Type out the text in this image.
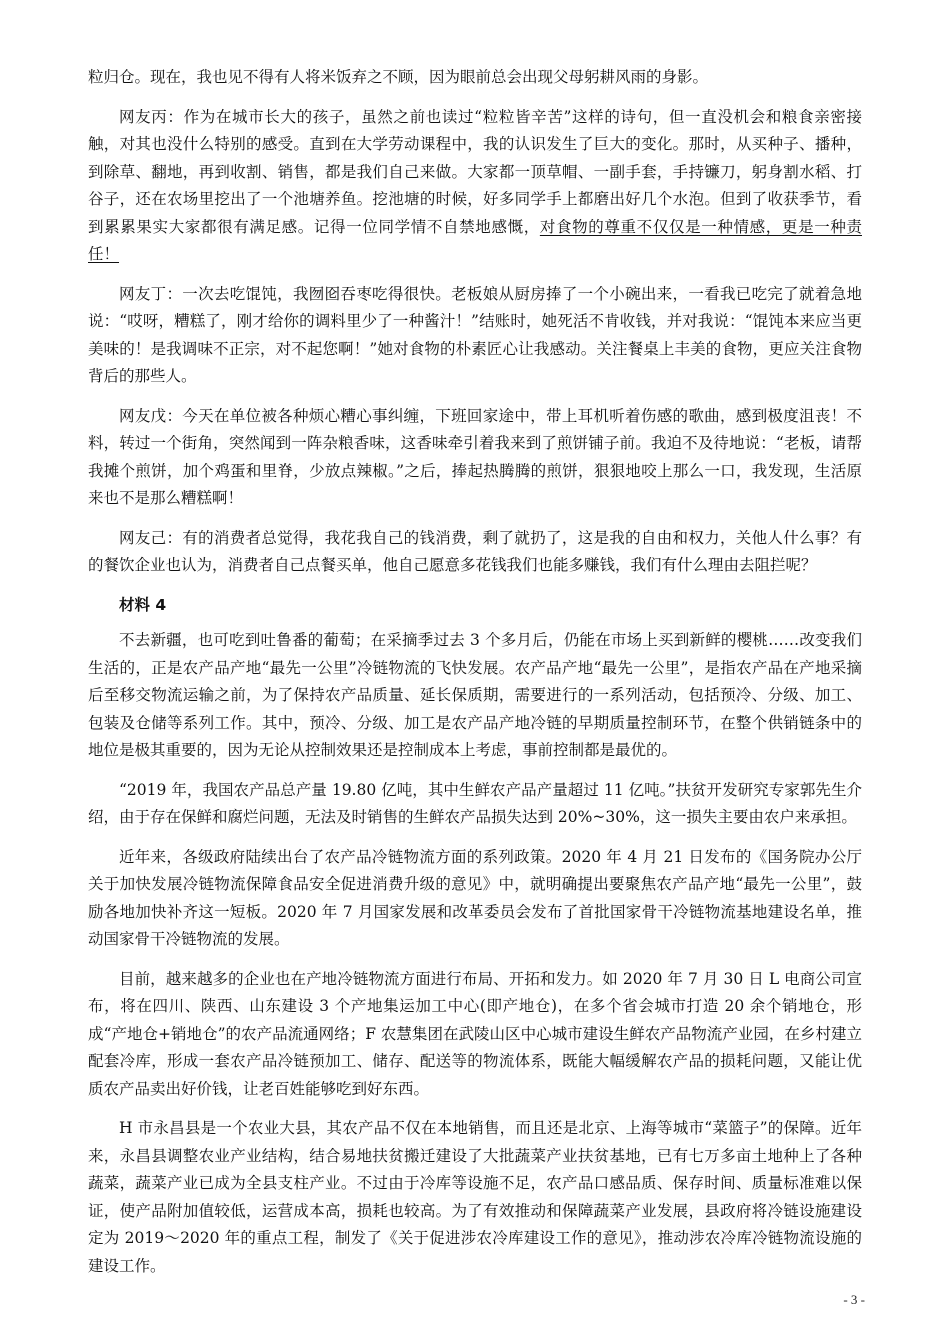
粒归仓。现在，我也见不得有人将米饭弃之不顾，因为眼前总会出现父母躬耕风雨的身影。

网友丙：作为在城市长大的孩子，虽然之前也读过“粒粒皆辛苦”这样的诗句，但一直没机会和粮食亲密接触，对其也没什么特别的感受。直到在大学劳动课程中，我的认识发生了巨大的变化。那时，从买种子、播种，到除草、翻地，再到收割、销售，都是我们自己来做。大家都一顶草帽、一副手套，手持镰刀，躬身割水稻、打谷子，还在农场里挖出了一个池塘养鱼。挖池塘的时候，好多同学手上都磨出好几个水泡。但到了收获季节，看到累累果实大家都很有满足感。记得一位同学情不自禁地感慨，对食物的尊重不仅仅是一种情感，更是一种责任！

网友丁：一次去吃馄饨，我囫囵吞枣吃得很快。老板娘从厨房捧了一个小碗出来，一看我已吃完了就着急地说：“哎呀，糟糕了，刚才给你的调料里少了一种酱汁！”结账时，她死活不肯收钱，并对我说：“馄饨本来应当更美味的！是我调味不正宗，对不起您啊！”她对食物的朴素匠心让我感动。关注餐桌上丰美的食物，更应关注食物背后的那些人。

网友戊：今天在单位被各种烦心糟心事纠缠，下班回家途中，带上耳机听着伤感的歌曲，感到极度沮丧！不料，转过一个街角，突然闻到一阵杂粮香味，这香味牵引着我来到了煎饼铺子前。我迫不及待地说：“老板，请帮我摊个煎饼，加个鸡蛋和里脊，少放点辣椒。”之后，捧起热腾腾的煎饼，狠狠地咬上那么一口，我发现，生活原来也不是那么糟糕啊！

网友己：有的消费者总觉得，我花我自己的钱消费，剩了就扔了，这是我的自由和权力，关他人什么事？有的餐饮企业也认为，消费者自己点餐买单，他自己愿意多花钱我们也能多赚钱，我们有什么理由去阻拦呢？

材料 4

不去新疆，也可吃到吐鲁番的葡萄；在采摘季过去 3 个多月后，仍能在市场上买到新鲜的樱桃……改变我们生活的，正是农产品产地“最先一公里”冷链物流的飞快发展。农产品产地“最先一公里”，是指农产品在产地采摘后至移交物流运输之前，为了保持农产品质量、延长保质期，需要进行的一系列活动，包括预冷、分级、加工、包装及仓储等系列工作。其中，预冷、分级、加工是农产品产地冷链的早期质量控制环节，在整个供销链条中的地位是极其重要的，因为无论从控制效果还是控制成本上考虑，事前控制都是最优的。

“2019 年，我国农产品总产量 19.80 亿吨，其中生鲜农产品产量超过 11 亿吨。”扶贫开发研究专家郭先生介绍，由于存在保鲜和腐烂问题，无法及时销售的生鲜农产品损失达到 20%~30%，这一损失主要由农户来承担。

近年来，各级政府陆续出台了农产品冷链物流方面的系列政策。2020 年 4 月 21 日发布的《国务院办公厅关于加快发展冷链物流保障食品安全促进消费升级的意见》中，就明确提出要聚焦农产品产地“最先一公里”，鼓励各地加快补齐这一短板。2020 年 7 月国家发展和改革委员会发布了首批国家骨干冷链物流基地建设名单，推动国家骨干冷链物流的发展。

目前，越来越多的企业也在产地冷链物流方面进行布局、开拓和发力。如 2020 年 7 月 30 日 L 电商公司宣布，将在四川、陕西、山东建设 3 个产地集运加工中心(即产地仓)，在多个省会城市打造 20 余个销地仓，形成“产地仓+销地仓”的农产品流通网络；F 农慧集团在武陵山区中心城市建设生鲜农产品物流产业园，在乡村建立配套冷库，形成一套农产品冷链预加工、储存、配送等的物流体系，既能大幅缓解农产品的损耗问题，又能让优质农产品卖出好价钱，让老百姓能够吃到好东西。

H 市永昌县是一个农业大县，其农产品不仅在本地销售，而且还是北京、上海等城市“菜篮子”的保障。近年来，永昌县调整农业产业结构，结合易地扶贫搬迁建设了大批蔬菜产业扶贫基地，已有七万多亩土地种上了各种蔬菜，蔬菜产业已成为全县支柱产业。不过由于冷库等设施不足，农产品口感品质、保存时间、质量标准难以保证，使产品附加值较低，运营成本高，损耗也较高。为了有效推动和保障蔬菜产业发展，县政府将冷链设施建设定为 2019～2020 年的重点工程，制发了《关于促进涉农冷库建设工作的意见》，推动涉农冷库冷链物流设施的建设工作。

- 3 -
